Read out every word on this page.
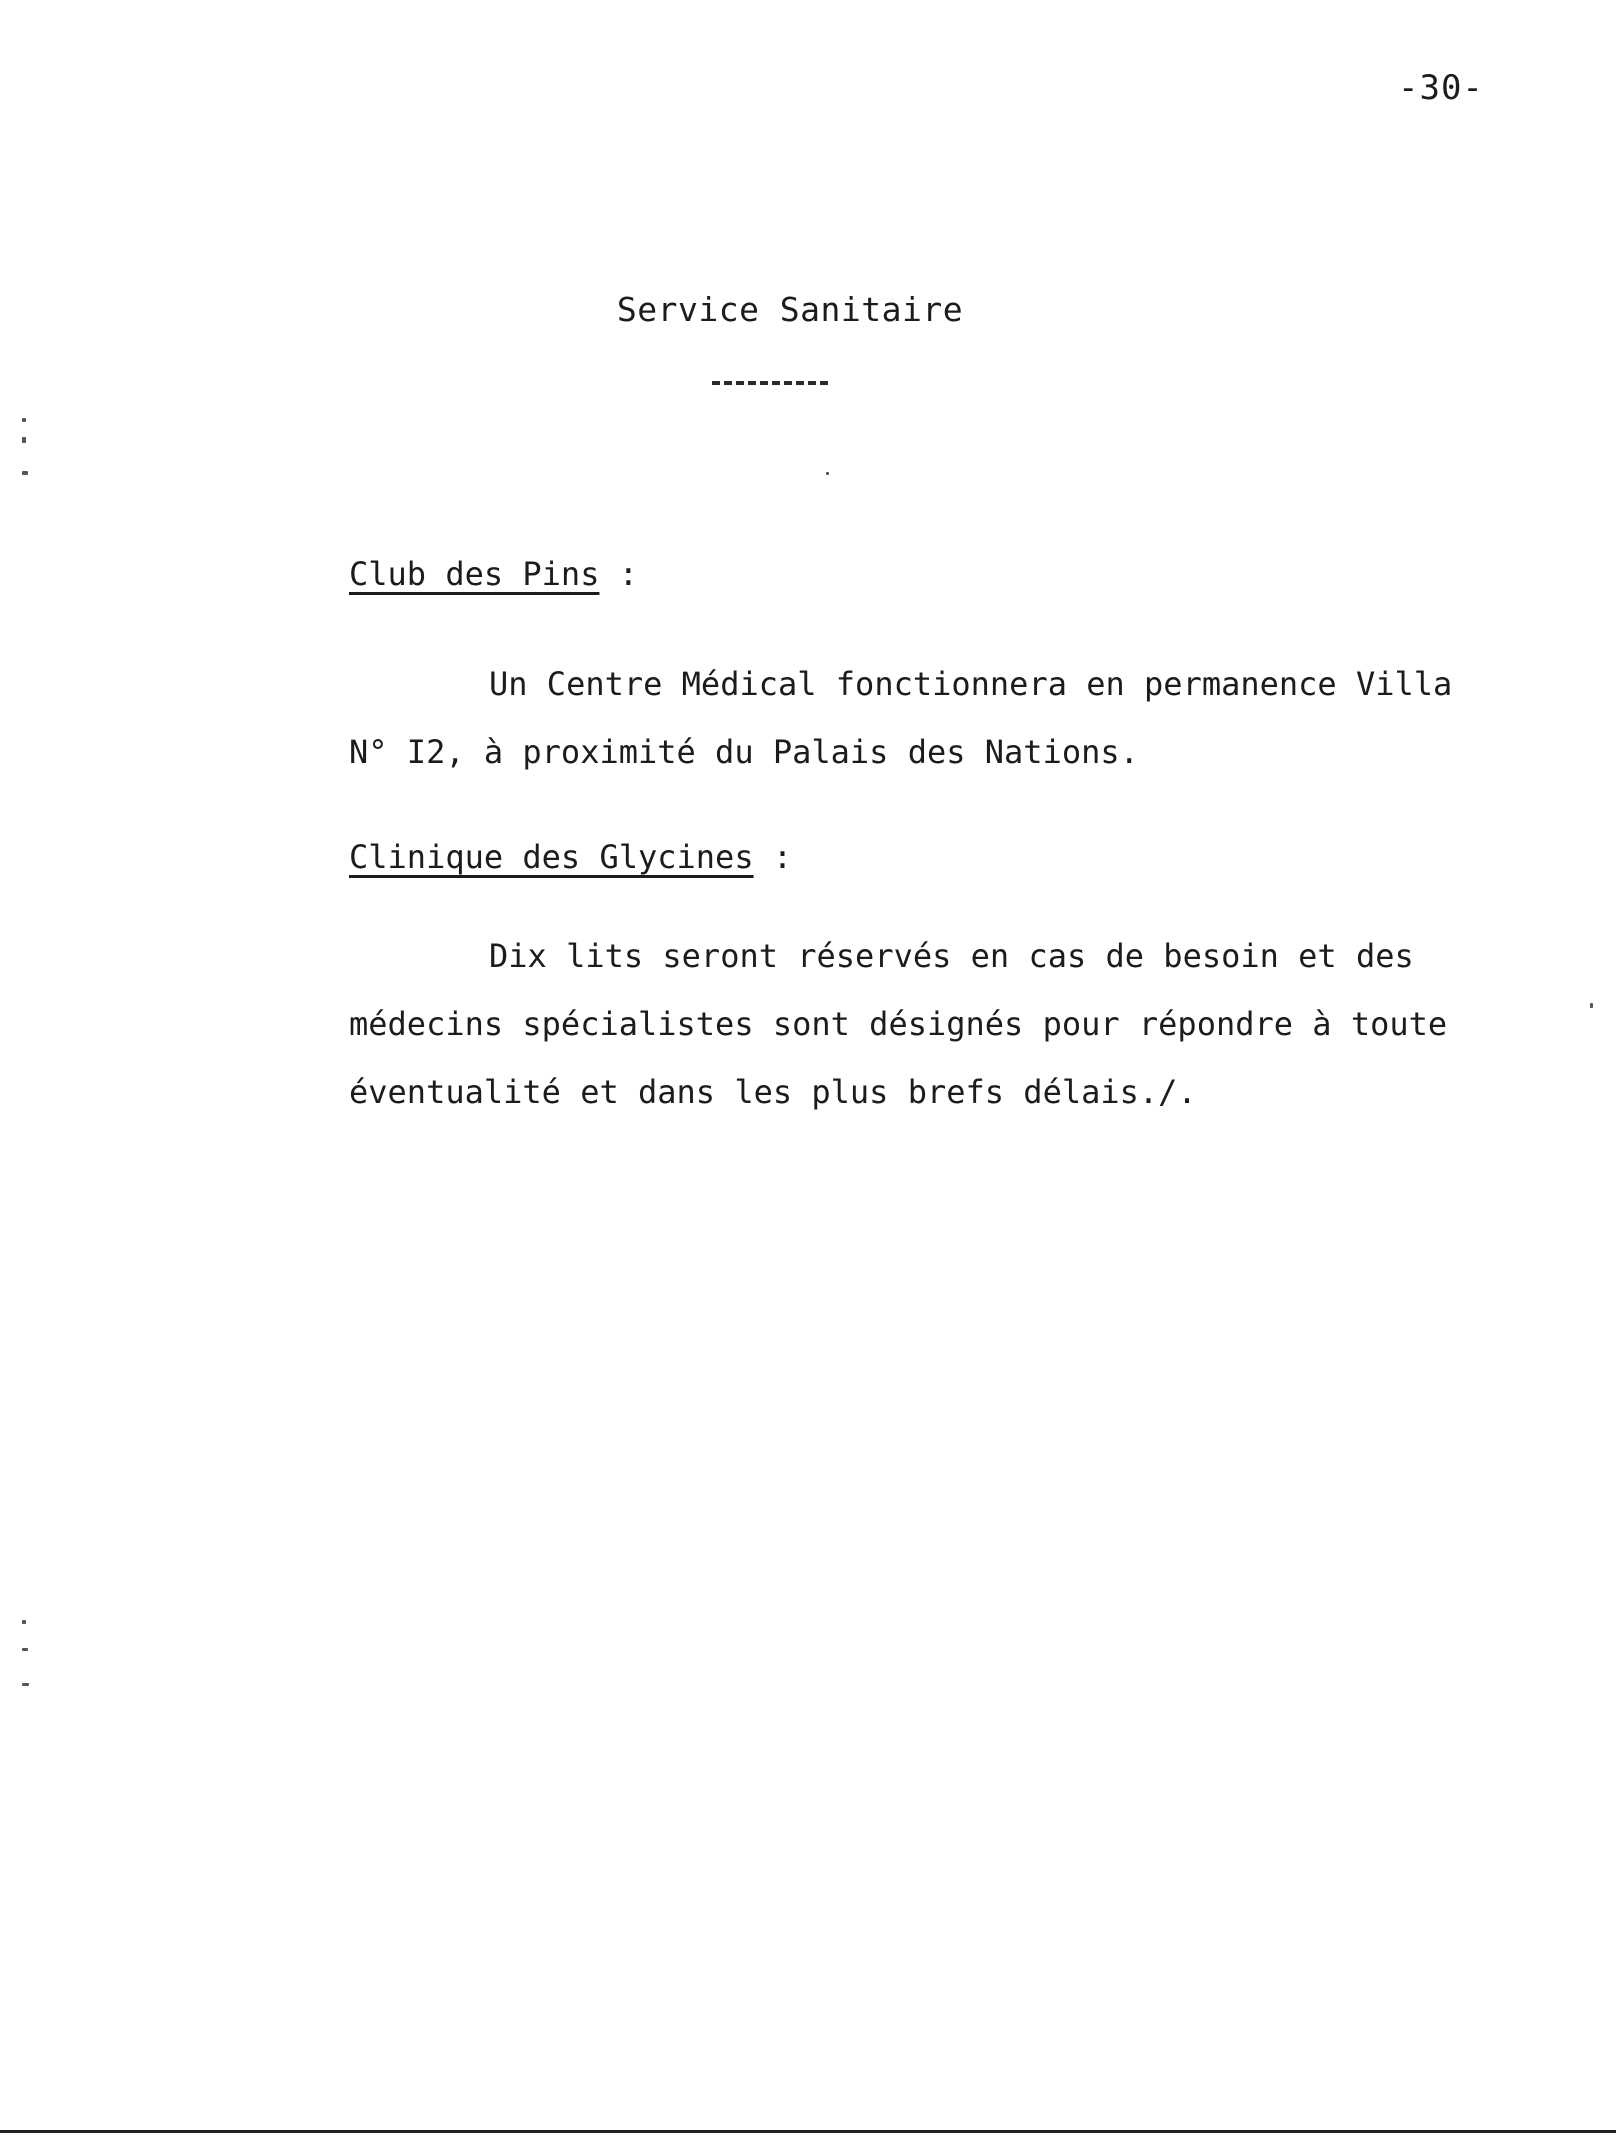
-30-
Service Sanitaire
Club des Pins :
Un Centre Médical fonctionnera en permanence Villa
N° I2, à proximité du Palais des Nations.
Clinique des Glycines :
Dix lits seront réservés en cas de besoin et des
médecins spécialistes sont désignés pour répondre à toute
éventualité et dans les plus brefs délais./.
